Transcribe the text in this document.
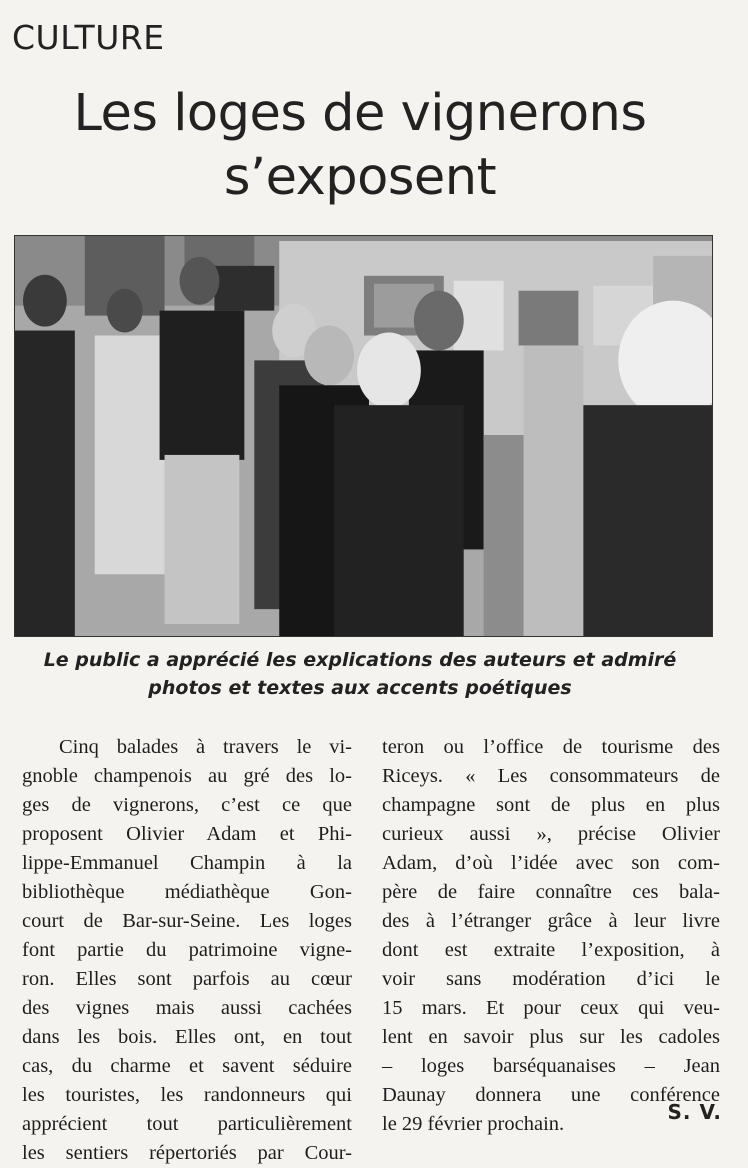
CULTURE
Les loges de vignerons
s’exposent
Le public a apprécié les explications des auteurs et admiré
photos et textes aux accents poétiques
Cinq balades à travers le vi-
gnoble champenois au gré des lo-
ges de vignerons, c’est ce que
proposent Olivier Adam et Phi-
lippe-Emmanuel Champin à la
bibliothèque médiathèque Gon-
court de Bar-sur-Seine. Les loges
font partie du patrimoine vigne-
ron. Elles sont parfois au cœur
des vignes mais aussi cachées
dans les bois. Elles ont, en tout
cas, du charme et savent séduire
les touristes, les randonneurs qui
apprécient tout particulièrement
les sentiers répertoriés par Cour-
teron ou l’office de tourisme des
Riceys. « Les consommateurs de
champagne sont de plus en plus
curieux aussi », précise Olivier
Adam, d’où l’idée avec son com-
père de faire connaître ces bala-
des à l’étranger grâce à leur livre
dont est extraite l’exposition, à
voir sans modération d’ici le
15 mars. Et pour ceux qui veu-
lent en savoir plus sur les cadoles
– loges barséquanaises – Jean
Daunay donnera une conférence
le 29 février prochain.	S. V.
